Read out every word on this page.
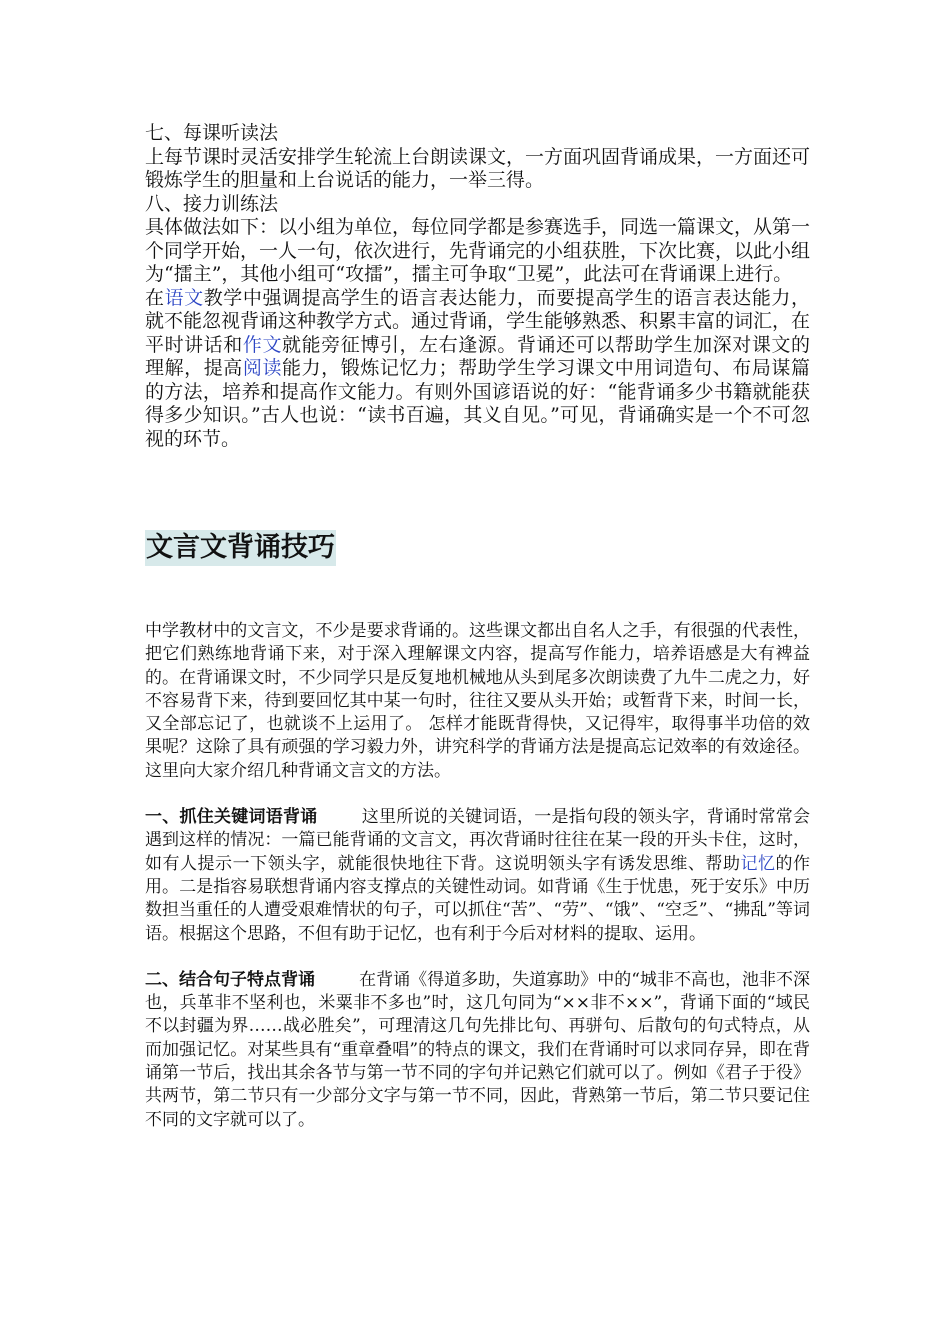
七、每课听读法

上每节课时灵活安排学生轮流上台朗读课文，一方面巩固背诵成果，一方面还可锻炼学生的胆量和上台说话的能力，一举三得。

八、接力训练法

具体做法如下：以小组为单位，每位同学都是参赛选手，同选一篇课文，从第一个同学开始，一人一句，依次进行，先背诵完的小组获胜，下次比赛，以此小组为“擂主”，其他小组可“攻擂”，擂主可争取“卫冕”，此法可在背诵课上进行。

在语文教学中强调提高学生的语言表达能力，而要提高学生的语言表达能力，就不能忽视背诵这种教学方式。通过背诵，学生能够熟悉、积累丰富的词汇，在平时讲话和作文就能旁征博引，左右逢源。背诵还可以帮助学生加深对课文的理解，提高阅读能力，锻炼记忆力；帮助学生学习课文中用词造句、布局谋篇的方法，培养和提高作文能力。有则外国谚语说的好：“能背诵多少书籍就能获得多少知识。”古人也说：“读书百遍，其义自见。”可见，背诵确实是一个不可忽视的环节。

文言文背诵技巧

中学教材中的文言文，不少是要求背诵的。这些课文都出自名人之手，有很强的代表性，把它们熟练地背诵下来，对于深入理解课文内容，提高写作能力，培养语感是大有裨益的。在背诵课文时，不少同学只是反复地机械地从头到尾多次朗读费了九牛二虎之力，好不容易背下来，待到要回忆其中某一句时，往往又要从头开始；或暂背下来，时间一长，又全部忘记了，也就谈不上运用了。 怎样才能既背得快，又记得牢，取得事半功倍的效果呢？这除了具有顽强的学习毅力外，讲究科学的背诵方法是提高忘记效率的有效途径。这里向大家介绍几种背诵文言文的方法。

一、抓住关键词语背诵	这里所说的关键词语，一是指句段的领头字，背诵时常常会遇到这样的情况：一篇已能背诵的文言文，再次背诵时往往在某一段的开头卡住，这时，如有人提示一下领头字，就能很快地往下背。这说明领头字有诱发思维、帮助记忆的作用。二是指容易联想背诵内容支撑点的关键性动词。如背诵《生于忧患，死于安乐》中历数担当重任的人遭受艰难情状的句子，可以抓住“苦”、“劳”、“饿”、“空乏”、“拂乱”等词语。根据这个思路，不但有助于记忆，也有利于今后对材料的提取、运用。

二、结合句子特点背诵	在背诵《得道多助，失道寡助》中的“城非不高也，池非不深也，兵革非不坚利也，米粟非不多也”时，这几句同为“××非不××”，背诵下面的“域民不以封疆为界……战必胜矣”，可理清这几句先排比句、再骈句、后散句的句式特点，从而加强记忆。对某些具有“重章叠唱”的特点的课文，我们在背诵时可以求同存异，即在背诵第一节后，找出其余各节与第一节不同的字句并记熟它们就可以了。例如《君子于役》共两节，第二节只有一少部分文字与第一节不同，因此，背熟第一节后，第二节只要记住不同的文字就可以了。
